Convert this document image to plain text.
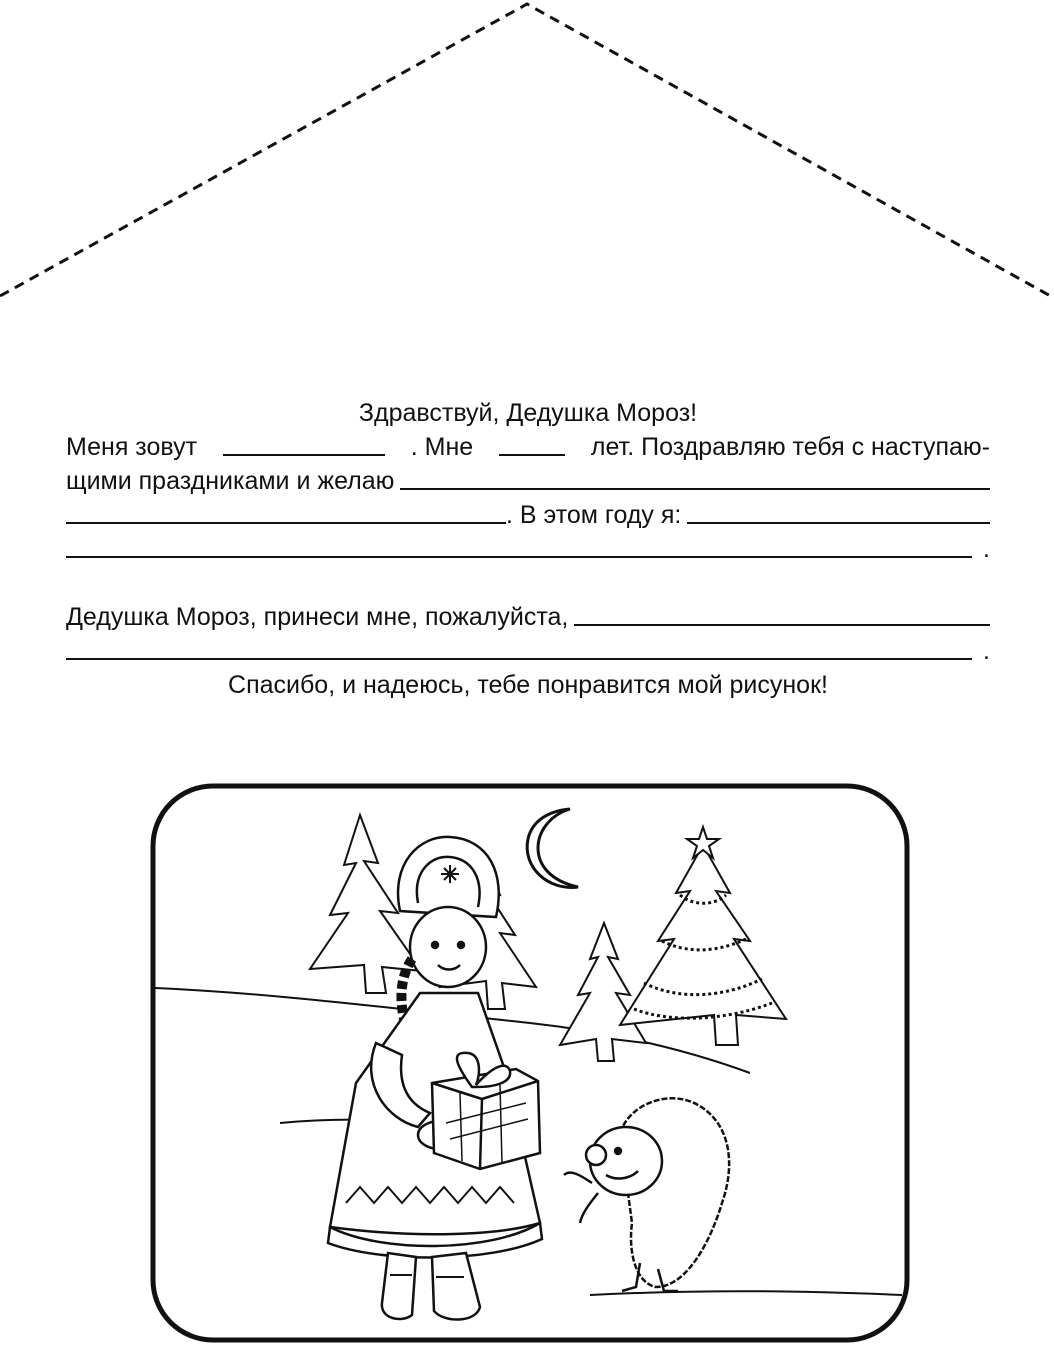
Здравствуй, Дедушка Мороз!
Меня зовут	. Мне	лет. Поздравляю тебя с наступаю-
щими праздниками и желаю
. В этом году я:
.
Дедушка Мороз, принеси мне, пожалуйста,
.
Спасибо, и надеюсь, тебе понравится мой рисунок!
